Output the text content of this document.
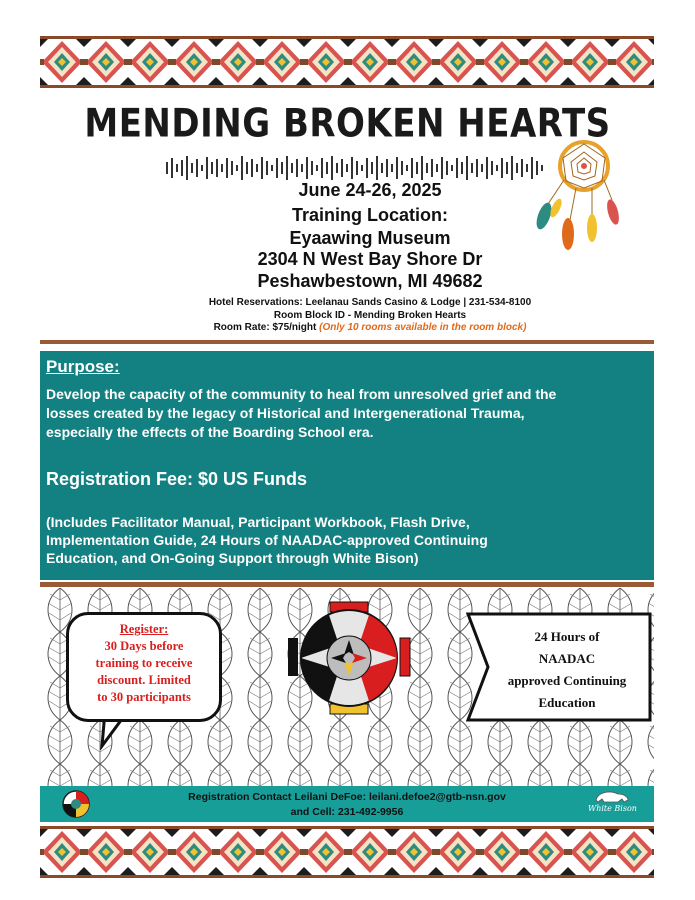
MENDING BROKEN HEARTS
June 24-26, 2025
Training Location:
Eyaawing Museum
2304 N West Bay Shore Dr
Peshawbestown, MI 49682
Hotel Reservations: Leelanau Sands Casino & Lodge | 231-534-8100
Room Block ID - Mending Broken Hearts
Room Rate: $75/night (Only 10 rooms available in the room block)
Purpose:
Develop the capacity of the community to heal from unresolved grief and the
losses created by the legacy of Historical and Intergenerational Trauma,
especially the effects of the Boarding School era.
Registration Fee: $0 US Funds
(Includes Facilitator Manual, Participant Workbook, Flash Drive,
Implementation Guide, 24 Hours of NAADAC-approved Continuing
Education, and On-Going Support through White Bison)
Register:
30 Days before
training to receive
discount. Limited
to 30 participants
24 Hours of
NAADAC
approved Continuing
Education
Registration Contact Leilani DeFoe: leilani.defoe2@gtb-nsn.gov
and Cell: 231-492-9956	White Bison
